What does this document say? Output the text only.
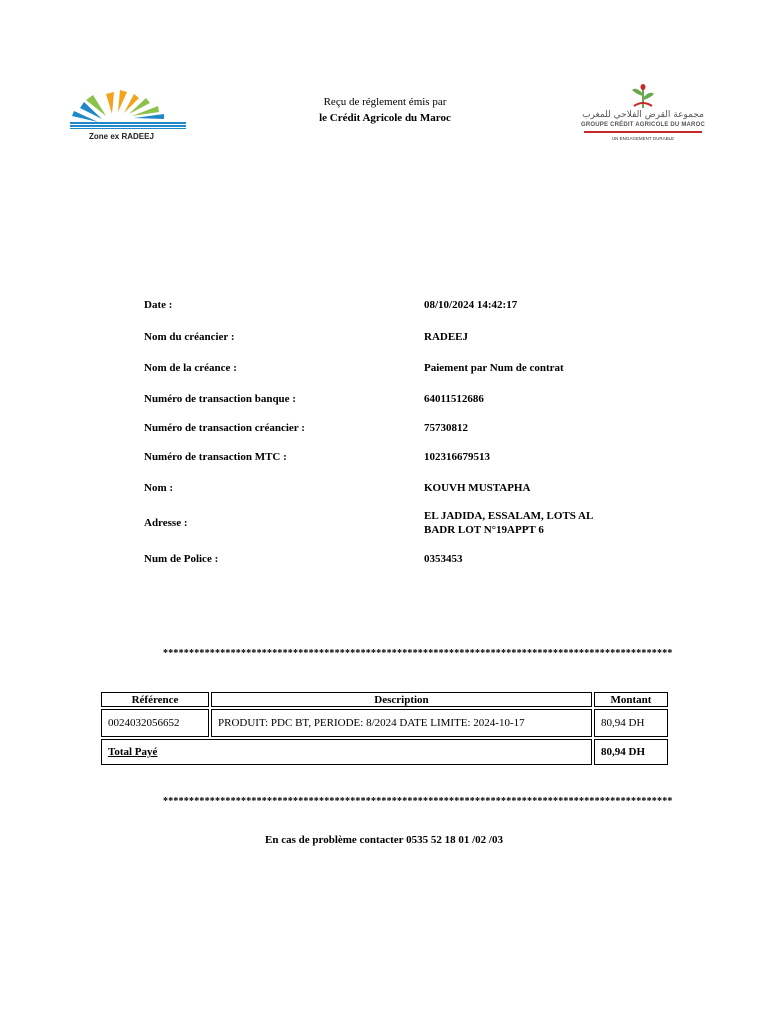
Zone ex RADEEJ
Reçu de réglement émis par
le Crédit Agricole du Maroc	مجموعة القرض الفلاحي للمغرب
GROUPE CRÉDIT AGRICOLE DU MAROC
UN ENGAGEMENT DURABLE
Date :	08/10/2024 14:42:17
Nom du créancier :	RADEEJ
Nom de la créance :	Paiement par Num de contrat
Numéro de transaction banque :	64011512686
Numéro de transaction créancier :	75730812
Numéro de transaction MTC :	102316679513
Nom :	KOUVH MUSTAPHA
Adresse :
EL JADIDA, ESSALAM, LOTS AL
BADR LOT N°19APPT 6
Num de Police :	0353453
**************************************************************************************************
Référence	Description	Montant
0024032056652	PRODUIT: PDC BT, PERIODE: 8/2024 DATE LIMITE: 2024-10-17	80,94 DH
Total Payé		80,94 DH
**************************************************************************************************
En cas de problème contacter 0535 52 18 01 /02 /03
